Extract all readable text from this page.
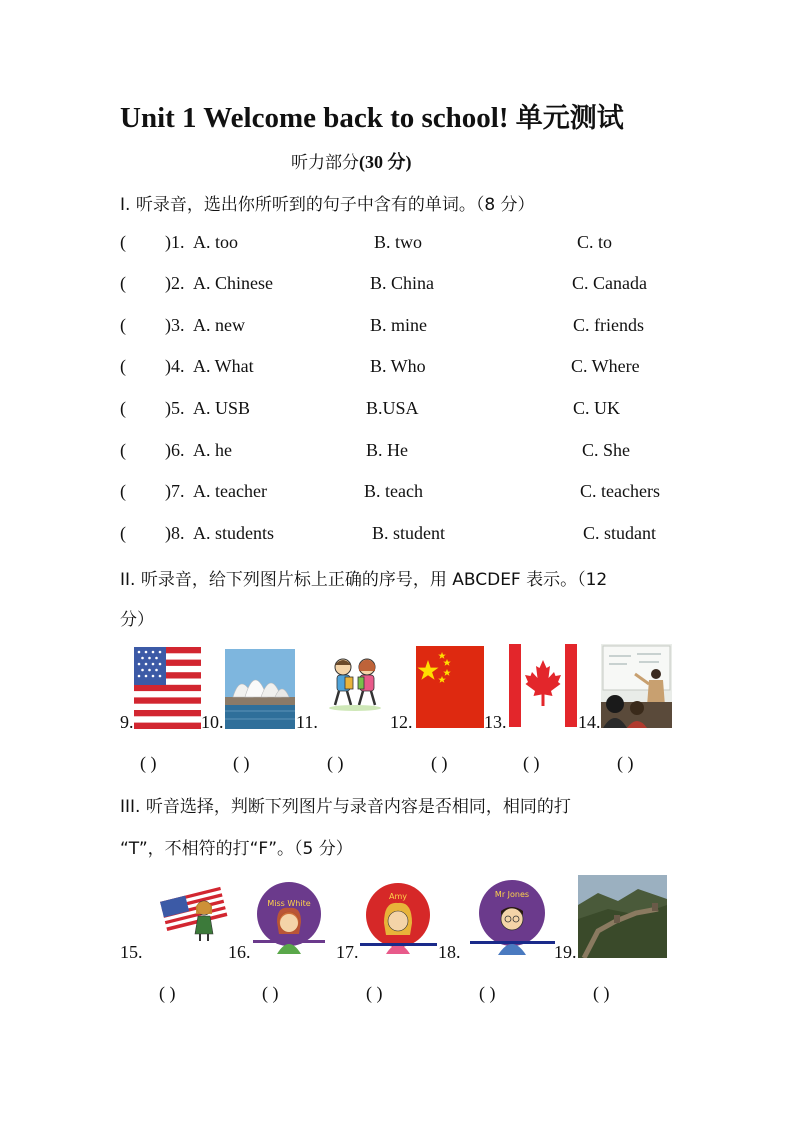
Unit 1 Welcome back to school! 单元测试
听力部分(30 分)
I. 听录音，选出你所听到的句子中含有的单词。（8 分）
( )1. A. too	B. two	C. to
( )2. A. Chinese	B. China	C. Canada
( )3. A. new	B. mine	C. friends
( )4. A. What	B. Who	C. Where
( )5. A. USB	B.USA	C. UK
( )6. A. he	B. He	C. She
( )7. A. teacher	B. teach	C. teachers
( )8. A. students	B. student	C. studant
II. 听录音，给下列图片标上正确的序号，用 ABCDEF 表示。（12
分）
9.	10.	11.	12.	13.	14.
( )	( )	( )	( )	( )	( )
III. 听音选择，判断下列图片与录音内容是否相同，相同的打
“T”，不相符的打“F”。（5 分）
Miss White
Amy	Mr Jones
15.	16.	17.	18.	19.
( )	( )	( )	( )	( )
